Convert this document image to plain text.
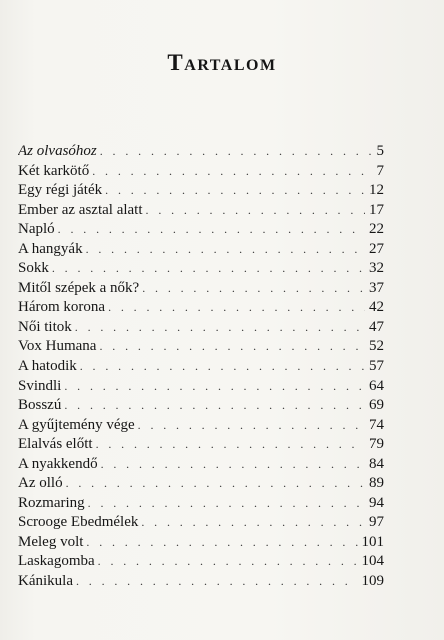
Tartalom
Az olvasóhoz . . .	5
Két karkötő . . .	7
Egy régi játék . . .	12
Ember az asztal alatt . . .	17
Napló . . .	22
A hangyák . . .	27
Sokk . . .	32
Mitől szépek a nők? . . .	37
Három korona . . .	42
Női titok . . .	47
Vox Humana . . .	52
A hatodik . . .	57
Svindli . . .	64
Bosszú . . .	69
A gyűjtemény vége . . .	74
Elalvás előtt . . .	79
A nyakkendő . . .	84
Az olló . . .	89
Rozmaring . . .	94
Scrooge Ebedmélek . . .	97
Meleg volt . . .	101
Laskagomba . . .	104
Kánikula . . .	109
